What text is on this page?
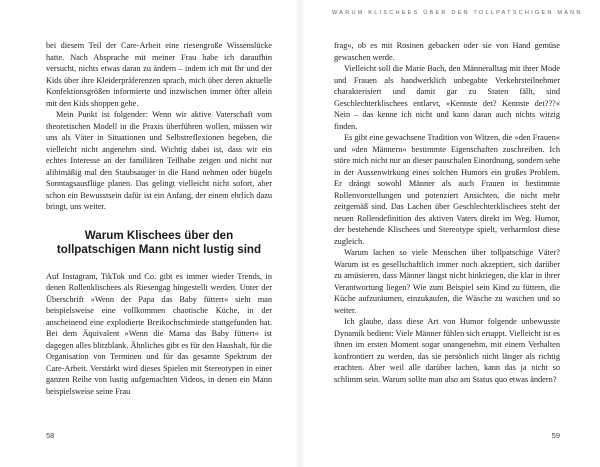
bei diesem Teil der Care-Arbeit eine riesengroße Wissenslücke hatte. Nach Absprache mit meiner Frau habe ich daraufhin versucht, nichts etwas daran zu ändern – indem ich mit Ihr und der Kids über ihre Kleiderpräferenzen sprach, mich über deren aktuelle Konfektionsgrößen informierte und inzwischen immer öfter allein mit den Kids shoppen gehe.

Mein Punkt ist folgender: Wenn wir aktive Vaterschaft vom theoretischen Modell in die Praxis überführen wollen, müssen wir uns als Väter in Situationen und Selbstreflexionen begeben, die vielleicht nicht angenehm sind. Wichtig dabei ist, dass wir ein echtes Interesse an der familiären Teilhabe zeigen und nicht nur alibimäßig mal den Staubsauger in die Hand nehmen oder bügeln Sonntagsausflüge planen. Das gelingt vielleicht nicht sofort, aber schon ein Bewusstsein dafür ist ein Anfang, der einem ehrlich dazu bringt, uns weiter.

Warum Klischees über den tollpatschigen Mann nicht lustig sind

Auf Instagram, TikTok und Co. gibt es immer wieder Trends, in denen Rollenklischees als Riesengag hingestellt werden. Unter der Überschrift »Wenn der Papa das Baby füttert« sieht man beispielsweise eine vollkommen chaotische Küche, in der anscheinend eine explodierte Breikochschmiede stattgefunden hat. Bei dem Äquivalent »Wenn die Mama das Baby füttert« ist dagegen alles blitzblank. Ähnliches gibt es für den Haushalt, für die Organisation von Terminen und für das gesamte Spektrum der Care-Arbeit. Verstärkt wird dieses Spielen mit Stereotypen in einer ganzen Reihe von lustig aufgemachten Videos, in denen ein Mann beispielsweise seine Frau

58
WARUM KLISCHEES ÜBER DEN TOLLPATSCHIGEN MANN

frag«, ob es mit Rosinen gebacken oder sie von Hand gemüse gewaschen werde.

Vielleicht soll die Marie Bach, den Männeralltag mit ihrer Mode und Frauen als handwerklich unbegabte Verkehrsteilnehmer charakterisiert und damit gar zu Staten fällt, sind Geschlechterklischees entlarvt, »Kennste det? Kennste det???« Nein – das kenne ich nicht und kann daran auch nichts witzig finden.

Es gibt eine gewachsene Tradition von Witzen, die »den Frauen« und »den Männern« bestimmte Eigenschaften zuschreiben. Ich störe mich nicht nur an dieser pauschalen Einordnung, sondern sehe in der Aussenwirkung eines solchen Humors ein großes Problem. Er drängt sowohl Männer als auch Frauen in bestimmte Rollenvorstellungen und potenziert Ansichten, die nicht mehr zeitgemäß sind. Das Lachen über Geschlechterklischees steht der neuen Rollendefinition des aktiven Vaters direkt im Weg. Humor, der bestehende Klischees und Stereotype spielt, verharmlost diese zugleich.

Warum lachen so viele Menschen über tollpatschige Väter? Warum ist es gesellschaftlich immer noch akzeptiert, sich darüber zu amüsieren, dass Männer längst nicht hinkriegen, die klar in ihrer Verantwortung liegen? Wie zum Beispiel sein Kind zu füttern, die Küche aufzuräumen, einzukaufen, die Wäsche zu waschen und so weiter.

Ich glaube, dass diese Art von Humor folgende unbewusste Dynamik bedient: Viele Männer fühlen sich ertappt. Vielleicht ist es ihnen im ersten Moment sogar unangenehm, mit einem Verhalten konfrontiert zu werden, das sie persönlich nicht länger als richtig erachten. Aber weil alle darüber lachen, kann das ja nicht so schlimm sein. Warum sollte man also am Status quo etwas ändern?

59
